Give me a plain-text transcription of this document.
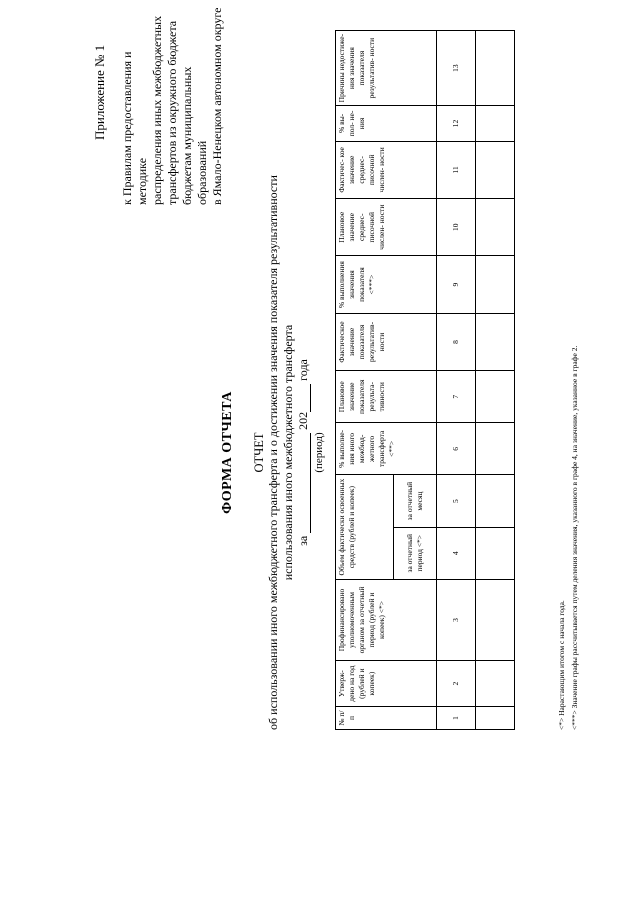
Приложение № 1 к Правилам предоставления и методике распределения иных межбюджетных трансфертов из окружного бюджета бюджетам муниципальных образований в Ямало-Ненецком автономном округе
ФОРМА ОТЧЕТА ОТЧЕТ об использовании иного межбюджетного трансферта и о достижении значения показателя результативности использования иного межбюджетного трансферта за  202 года
(период)
№ п/п	Утверж- дено на год (рублей и копеек)	Профинансировано уполномоченным органом за отчетный период (рублей и копеек) <*>	Объем фактически освоенных средств (рублей и копеек)		% выполне- ния иного межбюд- жетного трансферта <**>	Плановое значение показателя результа- тивности	Фактическое значение показателя результатив- ности	% выполнения значения показателя <***>	Плановое значение среднес- писочной числен- ности	Фактичес- кое значение среднес- писочной числен- ности	% вы- пол- не- ния	Причины недостиже- ния значения показателя результатив- ности
			за отчетный период <*>	за отчетный месяц								
1	2	3	4	5	6	7	8	9	10	11	12	13

<*> Нарастающим итогом с начала года. <***> Значение графы рассчитывается путем деления значения, указанного в графе 4, на значение, указанное в графе 2.
